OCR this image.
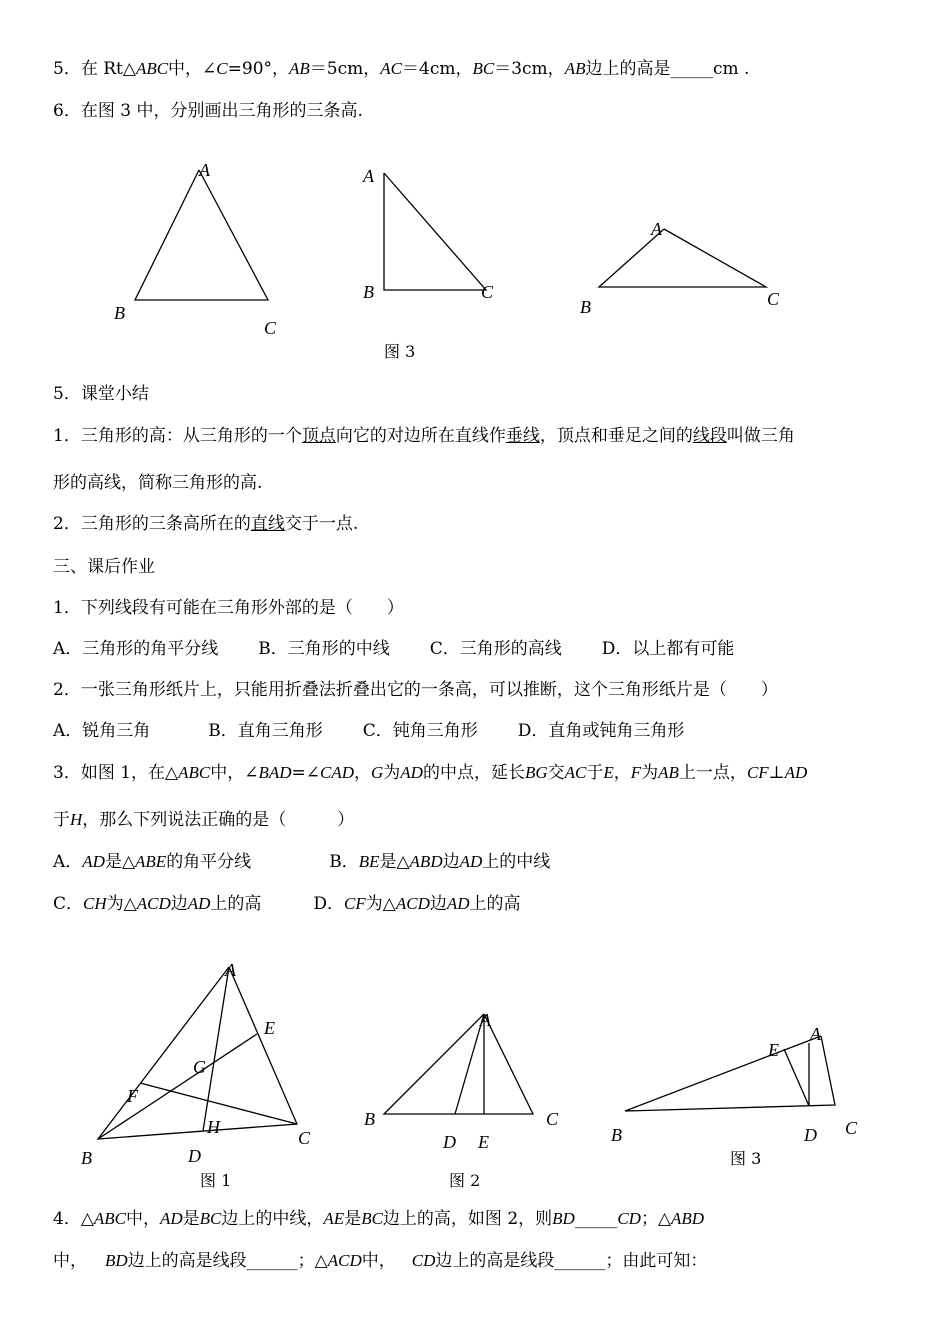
5．在 Rt△ABC中，∠C=90°，AB＝5cm，AC＝4cm，BC＝3cm，AB边上的高是_____cm .
6．在图 3 中，分别画出三角形的三条高.
A
B
C
A
B	C
A
B	C
图 3
A
E
G
F
H
C
B	D
图 1
A
B	C
D E
图 2
A
E
B	D C
图 3
5．课堂小结
1．三角形的高：从三角形的一个顶点向它的对边所在直线作垂线，顶点和垂足之间的线段叫做三角
形的高线，简称三角形的高.
2．三角形的三条高所在的直线交于一点.
三、课后作业
1．下列线段有可能在三角形外部的是（　　）
A．三角形的角平分线 B．三角形的中线 C．三角形的高线 D．以上都有可能
2．一张三角形纸片上，只能用折叠法折叠出它的一条高，可以推断，这个三角形纸片是（　　）
A．锐角三角	B．直角三角形 C．钝角三角形 D．直角或钝角三角形
3．如图 1，在△ABC中，∠BAD=∠CAD，G为AD的中点，延长BG交AC于E，F为AB上一点，CF⊥AD
于H，那么下列说法正确的是（　　　）
A．AD是△ABE的角平分线	B．BE是△ABD边AD上的中线
C．CH为△ACD边AD上的高	D．CF为△ACD边AD上的高
4．△ABC中，AD是BC边上的中线，AE是BC边上的高，如图 2，则BD_____CD；△ABD
中， BD边上的高是线段______；△ACD中， CD边上的高是线段______；由此可知：
